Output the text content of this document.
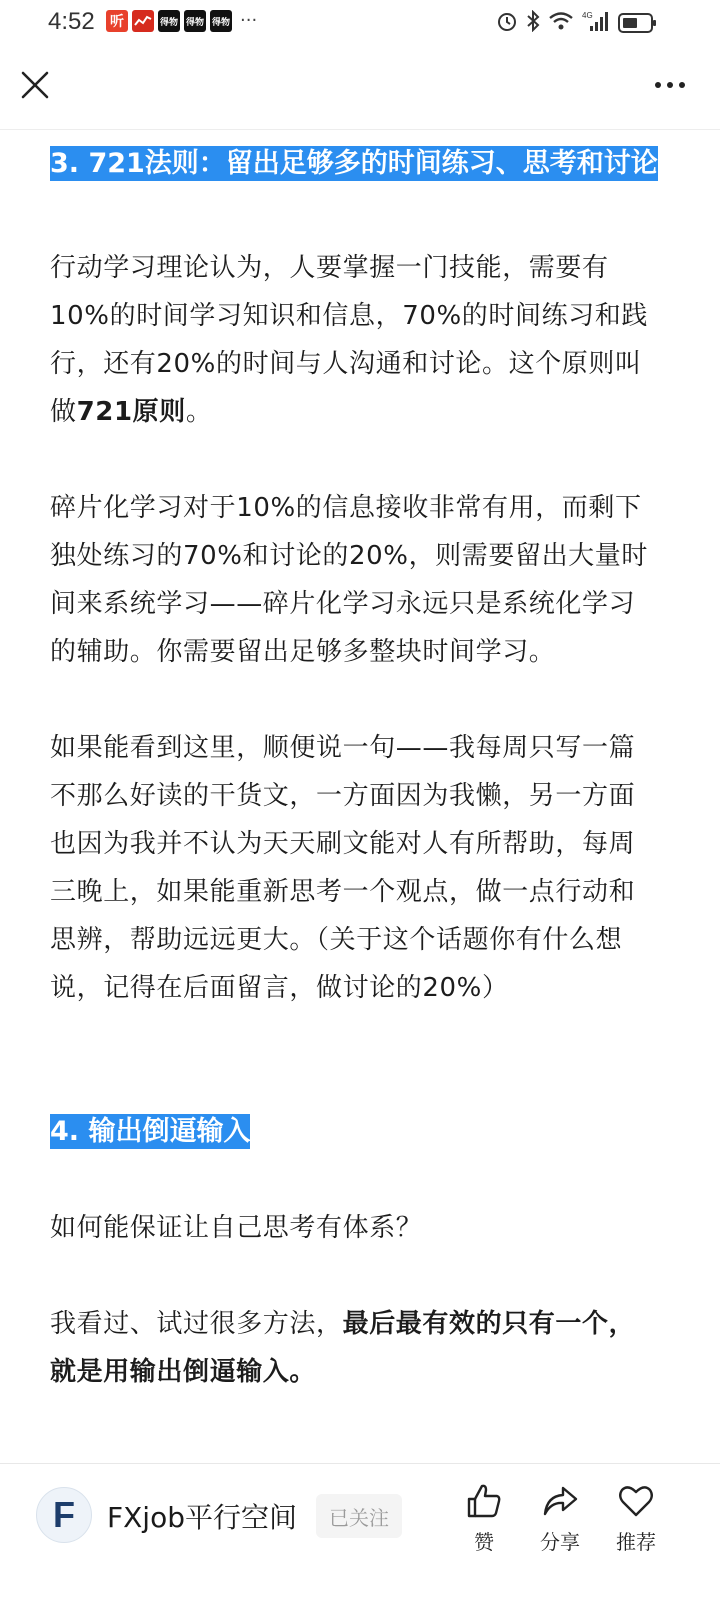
4:52 听	得物 得物 得物 ···	4G
3. 721法则：留出足够多的时间练习、思考和讨论

行动学习理论认为，人要掌握一门技能，需要有10%的时间学习知识和信息，70%的时间练习和践行，还有20%的时间与人沟通和讨论。这个原则叫做721原则。

碎片化学习对于10%的信息接收非常有用，而剩下独处练习的70%和讨论的20%，则需要留出大量时间来系统学习——碎片化学习永远只是系统化学习的辅助。你需要留出足够多整块时间学习。

如果能看到这里，顺便说一句——我每周只写一篇不那么好读的干货文，一方面因为我懒，另一方面也因为我并不认为天天刷文能对人有所帮助，每周三晚上，如果能重新思考一个观点，做一点行动和思辨，帮助远远更大。（关于这个话题你有什么想说，记得在后面留言，做讨论的20%）

4. 输出倒逼输入

如何能保证让自己思考有体系？

我看过、试过很多方法，最后最有效的只有一个，就是用输出倒逼输入。

F	FXjob平行空间	已关注
赞	分享	推荐
